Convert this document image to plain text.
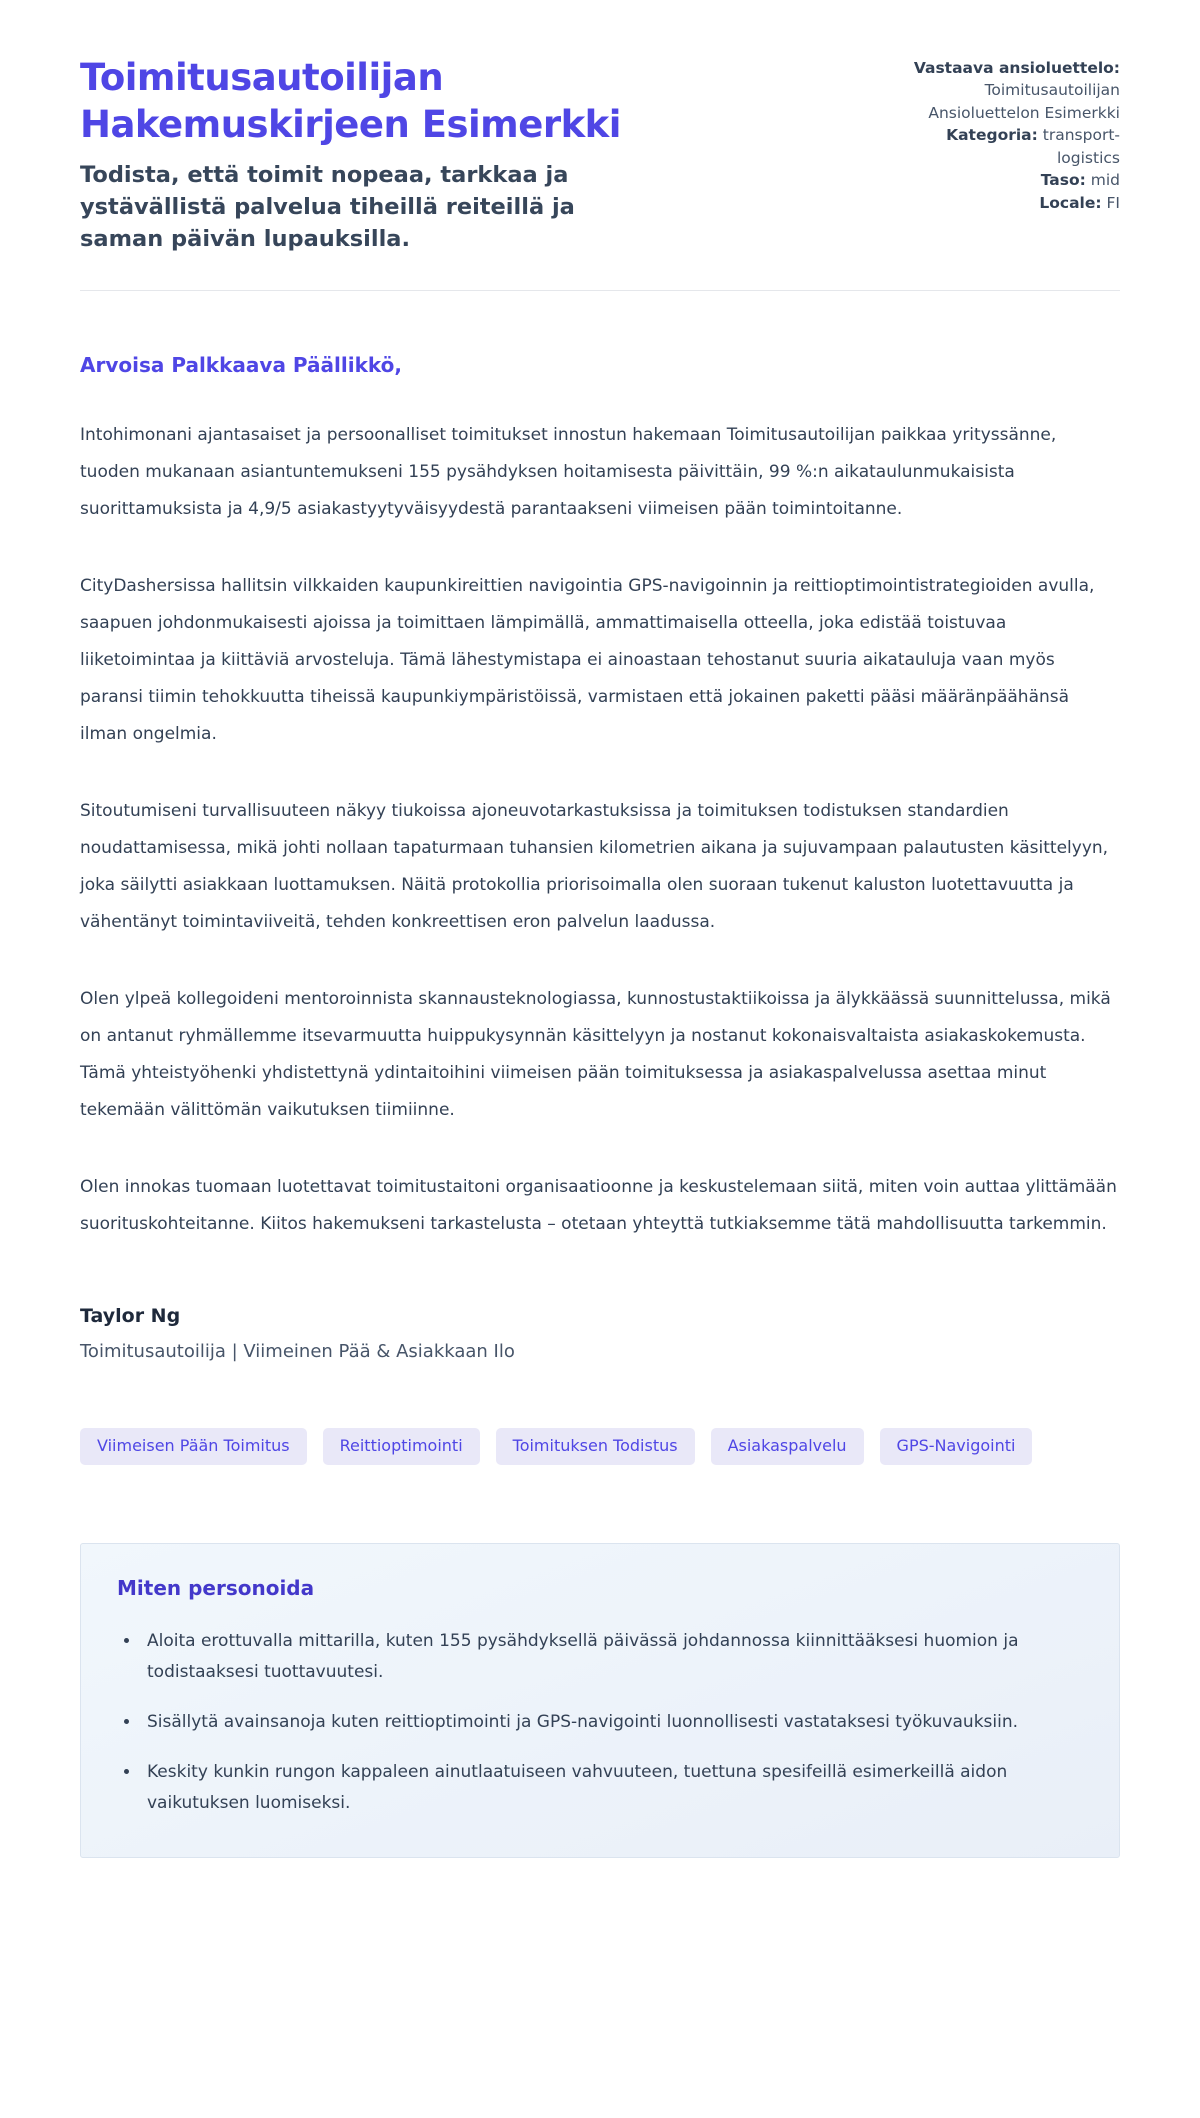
Toimitusautoilijan Hakemuskirjeen Esimerkki

Todista, että toimit nopeaa, tarkkaa ja ystävällistä palvelua tiheillä reiteillä ja saman päivän lupauksilla.

Vastaava ansioluettelo: Toimitusautoilijan Ansioluettelon Esimerkki
Kategoria: transport-logistics
Taso: mid
Locale: FI
Arvoisa Palkkaava Päällikkö,

Intohimonani ajantasaiset ja persoonalliset toimitukset innostun hakemaan Toimitusautoilijan paikkaa yrityssänne, tuoden mukanaan asiantuntemukseni 155 pysähdyksen hoitamisesta päivittäin, 99 %:n aikataulunmukaisista suorittamuksista ja 4,9/5 asiakastyytyväisyydestä parantaakseni viimeisen pään toimintoitanne.

CityDashersissa hallitsin vilkkaiden kaupunkireittien navigointia GPS-navigoinnin ja reittioptimointistrategioiden avulla, saapuen johdonmukaisesti ajoissa ja toimittaen lämpimällä, ammattimaisella otteella, joka edistää toistuvaa liiketoimintaa ja kiittäviä arvosteluja. Tämä lähestymistapa ei ainoastaan tehostanut suuria aikatauluja vaan myös paransi tiimin tehokkuutta tiheissä kaupunkiympäristöissä, varmistaen että jokainen paketti pääsi määränpäähänsä ilman ongelmia.

Sitoutumiseni turvallisuuteen näkyy tiukoissa ajoneuvotarkastuksissa ja toimituksen todistuksen standardien noudattamisessa, mikä johti nollaan tapaturmaan tuhansien kilometrien aikana ja sujuvampaan palautusten käsittelyyn, joka säilytti asiakkaan luottamuksen. Näitä protokollia priorisoimalla olen suoraan tukenut kaluston luotettavuutta ja vähentänyt toimintaviiveitä, tehden konkreettisen eron palvelun laadussa.

Olen ylpeä kollegoideni mentoroinnista skannausteknologiassa, kunnostustaktiikoissa ja älykkäässä suunnittelussa, mikä on antanut ryhmällemme itsevarmuutta huippukysynnän käsittelyyn ja nostanut kokonaisvaltaista asiakaskokemusta. Tämä yhteistyöhenki yhdistettynä ydintaitoihini viimeisen pään toimituksessa ja asiakaspalvelussa asettaa minut tekemään välittömän vaikutuksen tiimiinne.

Olen innokas tuomaan luotettavat toimitustaitoni organisaatioonne ja keskustelemaan siitä, miten voin auttaa ylittämään suorituskohteitanne. Kiitos hakemukseni tarkastelusta – otetaan yhteyttä tutkiaksemme tätä mahdollisuutta tarkemmin.

Taylor Ng
Toimitusautoilija | Viimeinen Pää & Asiakkaan Ilo
Viimeisen Pään Toimitus	Reittioptimointi	Toimituksen Todistus	Asiakaspalvelu	GPS-Navigointi
Miten personoida
• Aloita erottuvalla mittarilla, kuten 155 pysähdyksellä päivässä johdannossa kiinnittääksesi huomion ja todistaaksesi tuottavuutesi.
• Sisällytä avainsanoja kuten reittioptimointi ja GPS-navigointi luonnollisesti vastataksesi työkuvauksiin.
• Keskity kunkin rungon kappaleen ainutlaatuiseen vahvuuteen, tuettuna spesifeillä esimerkeillä aidon vaikutuksen luomiseksi.
